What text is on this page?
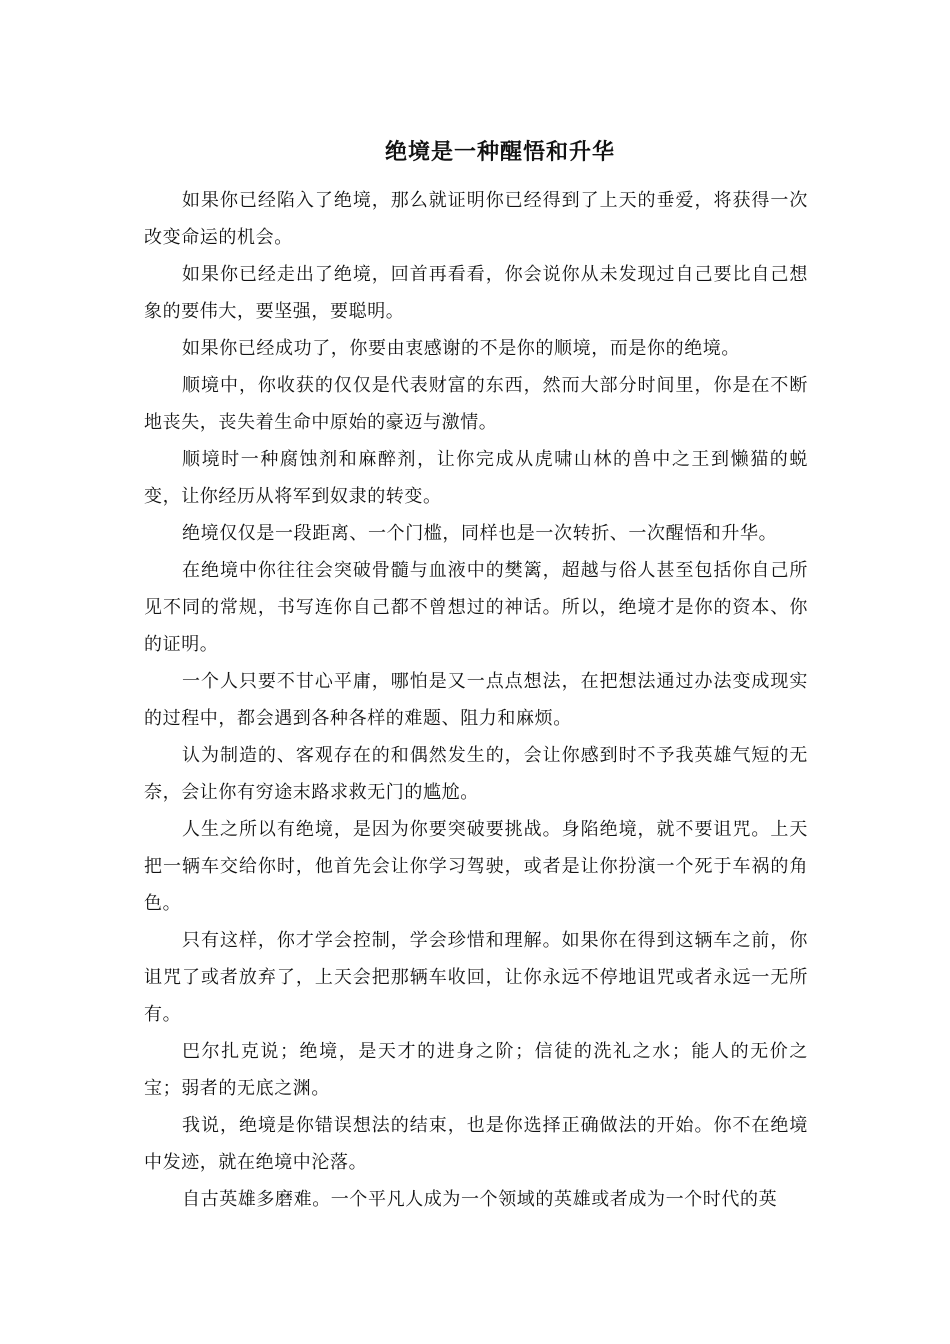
绝境是一种醒悟和升华

如果你已经陷入了绝境，那么就证明你已经得到了上天的垂爱，将获得一次改变命运的机会。

如果你已经走出了绝境，回首再看看，你会说你从未发现过自己要比自己想象的要伟大，要坚强，要聪明。

如果你已经成功了，你要由衷感谢的不是你的顺境，而是你的绝境。

顺境中，你收获的仅仅是代表财富的东西，然而大部分时间里，你是在不断地丧失，丧失着生命中原始的豪迈与激情。

顺境时一种腐蚀剂和麻醉剂，让你完成从虎啸山林的兽中之王到懒猫的蜕变，让你经历从将军到奴隶的转变。

绝境仅仅是一段距离、一个门槛，同样也是一次转折、一次醒悟和升华。

在绝境中你往往会突破骨髓与血液中的樊篱，超越与俗人甚至包括你自己所见不同的常规，书写连你自己都不曾想过的神话。所以，绝境才是你的资本、你的证明。

一个人只要不甘心平庸，哪怕是又一点点想法，在把想法通过办法变成现实的过程中，都会遇到各种各样的难题、阻力和麻烦。

认为制造的、客观存在的和偶然发生的，会让你感到时不予我英雄气短的无奈，会让你有穷途末路求救无门的尴尬。

人生之所以有绝境，是因为你要突破要挑战。身陷绝境，就不要诅咒。上天把一辆车交给你时，他首先会让你学习驾驶，或者是让你扮演一个死于车祸的角色。

只有这样，你才学会控制，学会珍惜和理解。如果你在得到这辆车之前，你诅咒了或者放弃了，上天会把那辆车收回，让你永远不停地诅咒或者永远一无所有。

巴尔扎克说；绝境，是天才的进身之阶；信徒的洗礼之水；能人的无价之宝；弱者的无底之渊。

我说，绝境是你错误想法的结束，也是你选择正确做法的开始。你不在绝境中发迹，就在绝境中沦落。

自古英雄多磨难。一个平凡人成为一个领域的英雄或者成为一个时代的英
